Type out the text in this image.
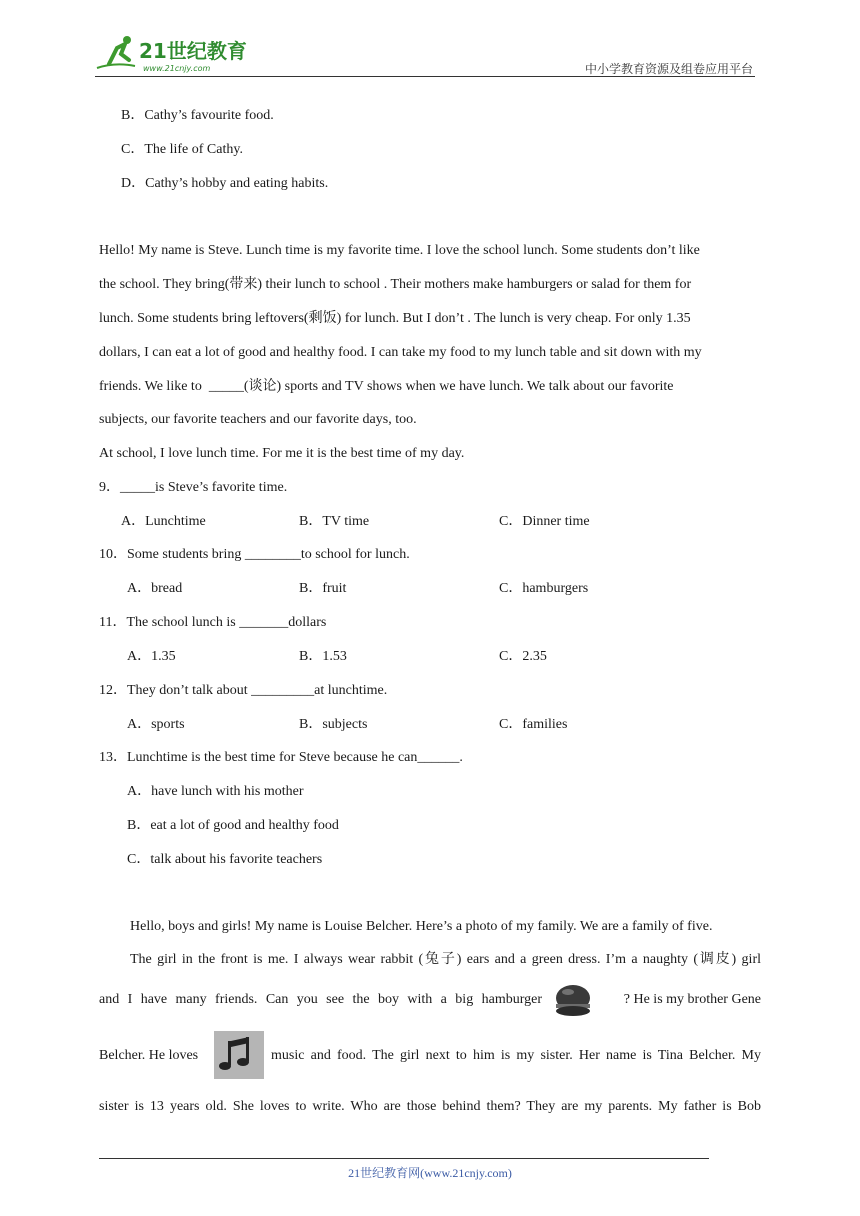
21世纪教育
www.21cnjy.com	中小学教育资源及组卷应用平台
B．Cathy’s favourite food.
C．The life of Cathy.
D．Cathy’s hobby and eating habits.
Hello! My name is Steve. Lunch time is my favorite time. I love the school lunch. Some students don’t like
the school. They bring(带来) their lunch to school . Their mothers make hamburgers or salad for them for
lunch. Some students bring leftovers(剩饭) for lunch. But I don’t . The lunch is very cheap. For only 1.35
dollars, I can eat a lot of good and healthy food. I can take my food to my lunch table and sit down with my
friends. We like to  _____(谈论) sports and TV shows when we have lunch. We talk about our favorite
subjects, our favorite teachers and our favorite days, too.
At school, I love lunch time. For me it is the best time of my day.
9．_____is Steve’s favorite time.
A．Lunchtime	B．TV time	C．Dinner time
10．Some students bring ________to school for lunch.
A．bread	B．fruit	C．hamburgers
11．The school lunch is _______dollars
A．1.35	B．1.53	C．2.35
12．They don’t talk about _________at lunchtime.
A．sports	B．subjects	C．families
13．Lunchtime is the best time for Steve because he can______.
A．have lunch with his mother
B．eat a lot of good and healthy food
C．talk about his favorite teachers
Hello, boys and girls! My name is Louise Belcher. Here’s a photo of my family. We are a family of five.
The girl in the front is me. I always wear rabbit (兔子) ears and a green dress. I’m a naughty (调皮) girl
and I have many friends. Can you see the boy with a big hamburger	? He is my brother Gene
Belcher. He loves	music and food. The girl next to him is my sister. Her name is Tina Belcher. My
sister is 13 years old. She loves to write. Who are those behind them? They are my parents. My father is Bob
21世纪教育网(www.21cnjy.com)
